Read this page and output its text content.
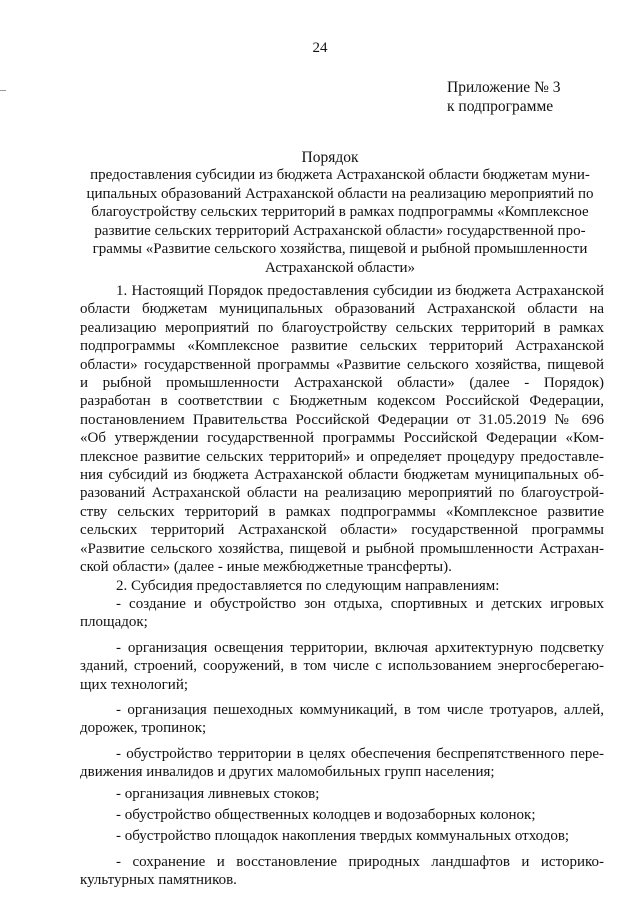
24
Приложение № 3
к подпрограмме
Порядок
предоставления субсидии из бюджета Астраханской области бюджетам муни-
ципальных образований Астраханской области на реализацию мероприятий по
благоустройству сельских территорий в рамках подпрограммы «Комплексное
развитие сельских территорий Астраханской области» государственной про-
граммы «Развитие сельского хозяйства, пищевой и рыбной промышленности
Астраханской области»
1. Настоящий Порядок предоставления субсидии из бюджета Астраханской
области бюджетам муниципальных образований Астраханской области на
реализацию мероприятий по благоустройству сельских территорий в рамках
подпрограммы «Комплексное развитие сельских территорий Астраханской
области» государственной программы «Развитие сельского хозяйства, пищевой
и рыбной промышленности Астраханской области» (далее - Порядок)
разработан в соответствии с Бюджетным кодексом Российской Федерации,
постановлением Правительства Российской Федерации от 31.05.2019 № 696
«Об утверждении государственной программы Российской Федерации «Ком-
плексное развитие сельских территорий» и определяет процедуру предоставле-
ния субсидий из бюджета Астраханской области бюджетам муниципальных об-
разований Астраханской области на реализацию мероприятий по благоустрой-
ству сельских территорий в рамках подпрограммы «Комплексное развитие
сельских территорий Астраханской области» государственной программы
«Развитие сельского хозяйства, пищевой и рыбной промышленности Астрахан-
ской области» (далее - иные межбюджетные трансферты).
2. Субсидия предоставляется по следующим направлениям:
- создание и обустройство зон отдыха, спортивных и детских игровых
площадок;
- организация освещения территории, включая архитектурную подсветку
зданий, строений, сооружений, в том числе с использованием энергосберегаю-
щих технологий;
- организация пешеходных коммуникаций, в том числе тротуаров, аллей,
дорожек, тропинок;
- обустройство территории в целях обеспечения беспрепятственного пере-
движения инвалидов и других маломобильных групп населения;
- организация ливневых стоков;
- обустройство общественных колодцев и водозаборных колонок;
- обустройство площадок накопления твердых коммунальных отходов;
- сохранение и восстановление природных ландшафтов и историко-
культурных памятников.
